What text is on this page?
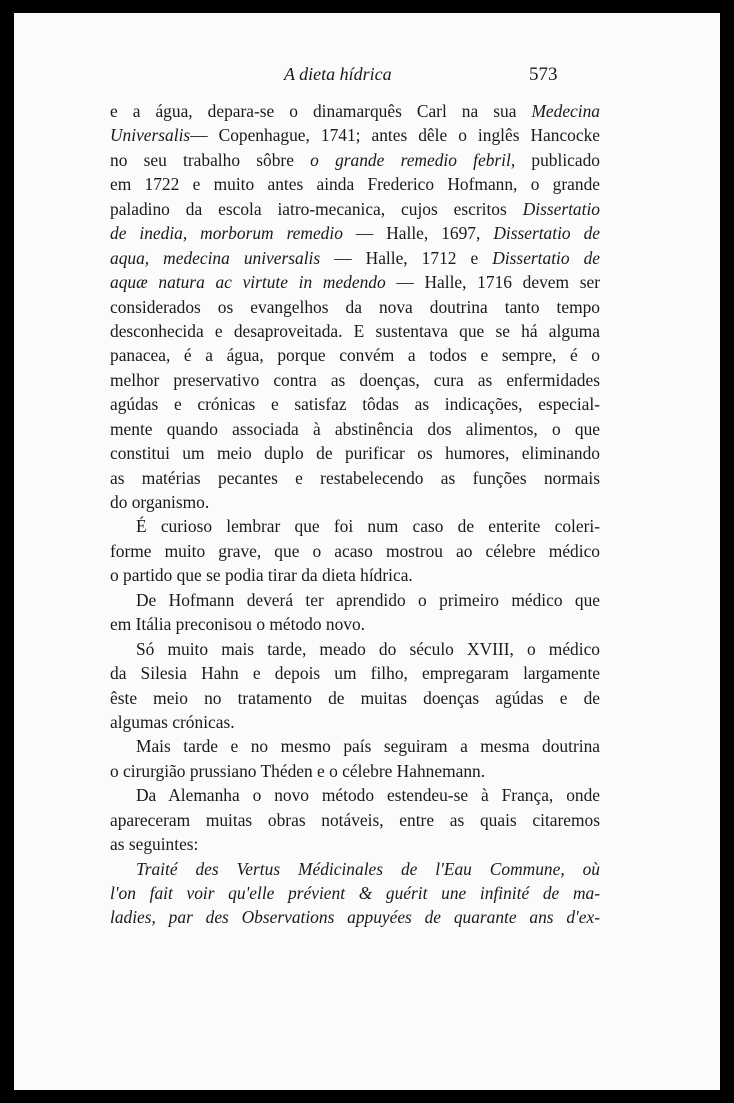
A dieta hídrica	573
e a água, depara-se o dinamarquês Carl na sua Medecina
Universalis— Copenhague, 1741; antes dêle o inglês Hancocke
no seu trabalho sôbre o grande remedio febril, publicado
em 1722 e muito antes ainda Frederico Hofmann, o grande
paladino da escola iatro-mecanica, cujos escritos Dissertatio
de inedia, morborum remedio — Halle, 1697, Dissertatio de
aqua, medecina universalis — Halle, 1712 e Dissertatio de
aquæ natura ac virtute in medendo — Halle, 1716 devem ser
considerados os evangelhos da nova doutrina tanto tempo
desconhecida e desaproveitada. E sustentava que se há alguma
panacea, é a água, porque convém a todos e sempre, é o
melhor preservativo contra as doenças, cura as enfermidades
agúdas e crónicas e satisfaz tôdas as indicações, especial-
mente quando associada à abstinência dos alimentos, o que
constitui um meio duplo de purificar os humores, eliminando
as matérias pecantes e restabelecendo as funções normais
do organismo.
É curioso lembrar que foi num caso de enterite coleri-
forme muito grave, que o acaso mostrou ao célebre médico
o partido que se podia tirar da dieta hídrica.
De Hofmann deverá ter aprendido o primeiro médico que
em Itália preconisou o método novo.
Só muito mais tarde, meado do século XVIII, o médico
da Silesia Hahn e depois um filho, empregaram largamente
êste meio no tratamento de muitas doenças agúdas e de
algumas crónicas.
Mais tarde e no mesmo país seguiram a mesma doutrina
o cirurgião prussiano Théden e o célebre Hahnemann.
Da Alemanha o novo método estendeu-se à França, onde
apareceram muitas obras notáveis, entre as quais citaremos
as seguintes:
Traité des Vertus Médicinales de l'Eau Commune, où
l'on fait voir qu'elle prévient & guérit une infinité de ma-
ladies, par des Observations appuyées de quarante ans d'ex-
